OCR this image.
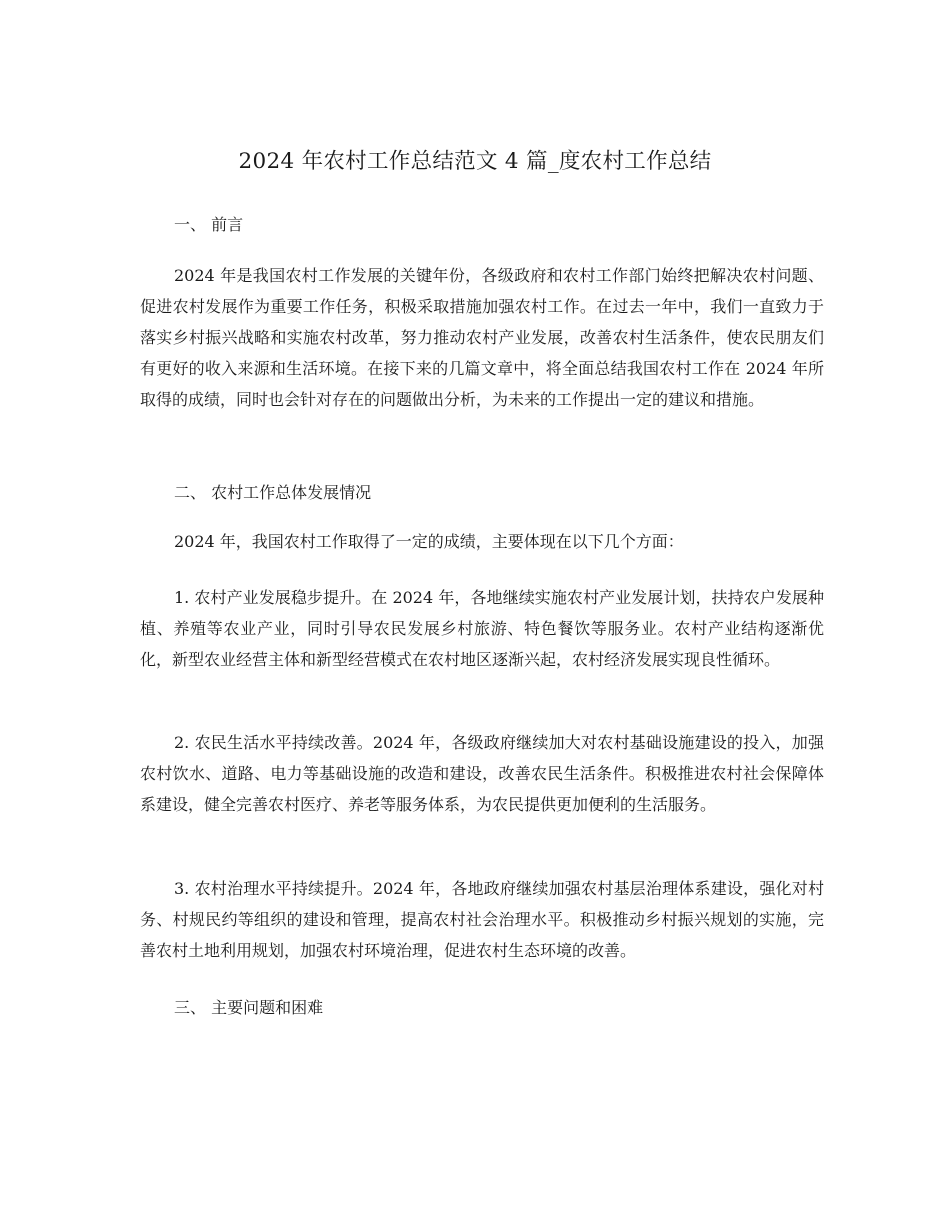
2024 年农村工作总结范文 4 篇_度农村工作总结
一、 前言
2024 年是我国农村工作发展的关键年份，各级政府和农村工作部门始终把解决农村问题、促进农村发展作为重要工作任务，积极采取措施加强农村工作。在过去一年中，我们一直致力于落实乡村振兴战略和实施农村改革，努力推动农村产业发展，改善农村生活条件，使农民朋友们有更好的收入来源和生活环境。在接下来的几篇文章中，将全面总结我国农村工作在 2024 年所取得的成绩，同时也会针对存在的问题做出分析，为未来的工作提出一定的建议和措施。
二、 农村工作总体发展情况
2024 年，我国农村工作取得了一定的成绩，主要体现在以下几个方面：
1. 农村产业发展稳步提升。在 2024 年，各地继续实施农村产业发展计划，扶持农户发展种植、养殖等农业产业，同时引导农民发展乡村旅游、特色餐饮等服务业。农村产业结构逐渐优化，新型农业经营主体和新型经营模式在农村地区逐渐兴起，农村经济发展实现良性循环。
2. 农民生活水平持续改善。2024 年，各级政府继续加大对农村基础设施建设的投入，加强农村饮水、道路、电力等基础设施的改造和建设，改善农民生活条件。积极推进农村社会保障体系建设，健全完善农村医疗、养老等服务体系，为农民提供更加便利的生活服务。
3. 农村治理水平持续提升。2024 年，各地政府继续加强农村基层治理体系建设，强化对村务、村规民约等组织的建设和管理，提高农村社会治理水平。积极推动乡村振兴规划的实施，完善农村土地利用规划，加强农村环境治理，促进农村生态环境的改善。
三、 主要问题和困难
